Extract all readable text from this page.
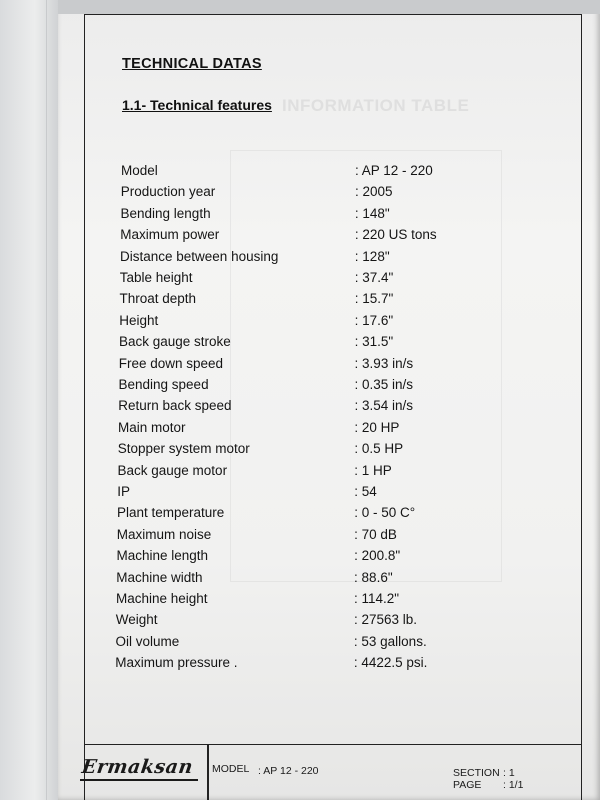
INFORMATION TABLE
TECHNICAL DATAS
1.1- Technical features
Model	: AP 12 - 220
Production year	: 2005
Bending length	: 148"
Maximum power	: 220 US tons
Distance between housing	: 128"
Table height	: 37.4"
Throat depth	: 15.7"
Height	: 17.6"
Back gauge stroke	: 31.5"
Free down speed	: 3.93 in/s
Bending speed	: 0.35 in/s
Return back speed	: 3.54 in/s
Main motor	: 20 HP
Stopper system motor	: 0.5 HP
Back gauge motor	: 1 HP
IP	: 54
Plant temperature	: 0 - 50 C°
Maximum noise	: 70 dB
Machine length	: 200.8"
Machine width	: 88.6"
Machine height	: 114.2"
Weight	: 27563 lb.
Oil volume	: 53 gallons.
Maximum pressure .	: 4422.5 psi.
Ermaksan MODEL : AP 12 - 220	SECTION : 1
PAGE : 1/1
